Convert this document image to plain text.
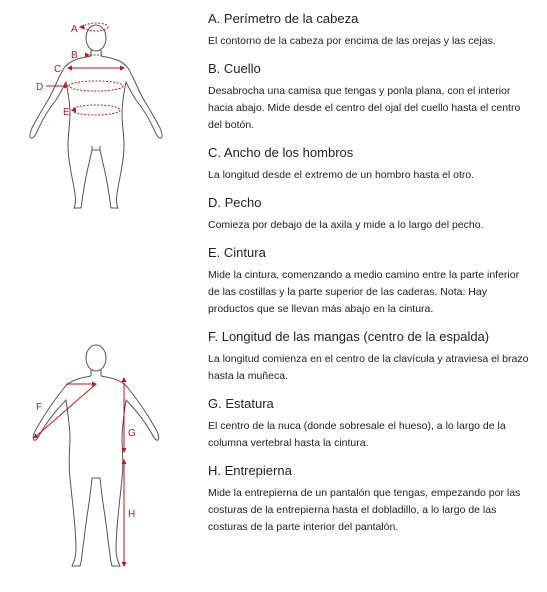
A
B
C
D
E
F
G
H
A. Perímetro de la cabeza
El contorno de la cabeza por encima de las orejas y las cejas.
B. Cuello
Desabrocha una camisa que tengas y ponla plana, con el interior
hacia abajo. Mide desde el centro del ojal del cuello hasta el centro
del botón.
C. Ancho de los hombros
La longitud desde el extremo de un hombro hasta el otro.
D. Pecho
Comieza por debajo de la axila y mide a lo largo del pecho.
E. Cintura
Mide la cintura, comenzando a medio camino entre la parte inferior
de las costillas y la parte superior de las caderas. Nota: Hay
productos que se llevan más abajo en la cintura.
F. Longitud de las mangas (centro de la espalda)
La longitud comienza en el centro de la clavícula y atraviesa el brazo
hasta la muñeca.
G. Estatura
El centro de la nuca (donde sobresale el hueso), a lo largo de la
columna vertebral hasta la cintura.
H. Entrepierna
Mide la entrepierna de un pantalón que tengas, empezando por las
costuras de la entrepierna hasta el dobladillo, a lo largo de las
costuras de la parte interior del pantalón.
